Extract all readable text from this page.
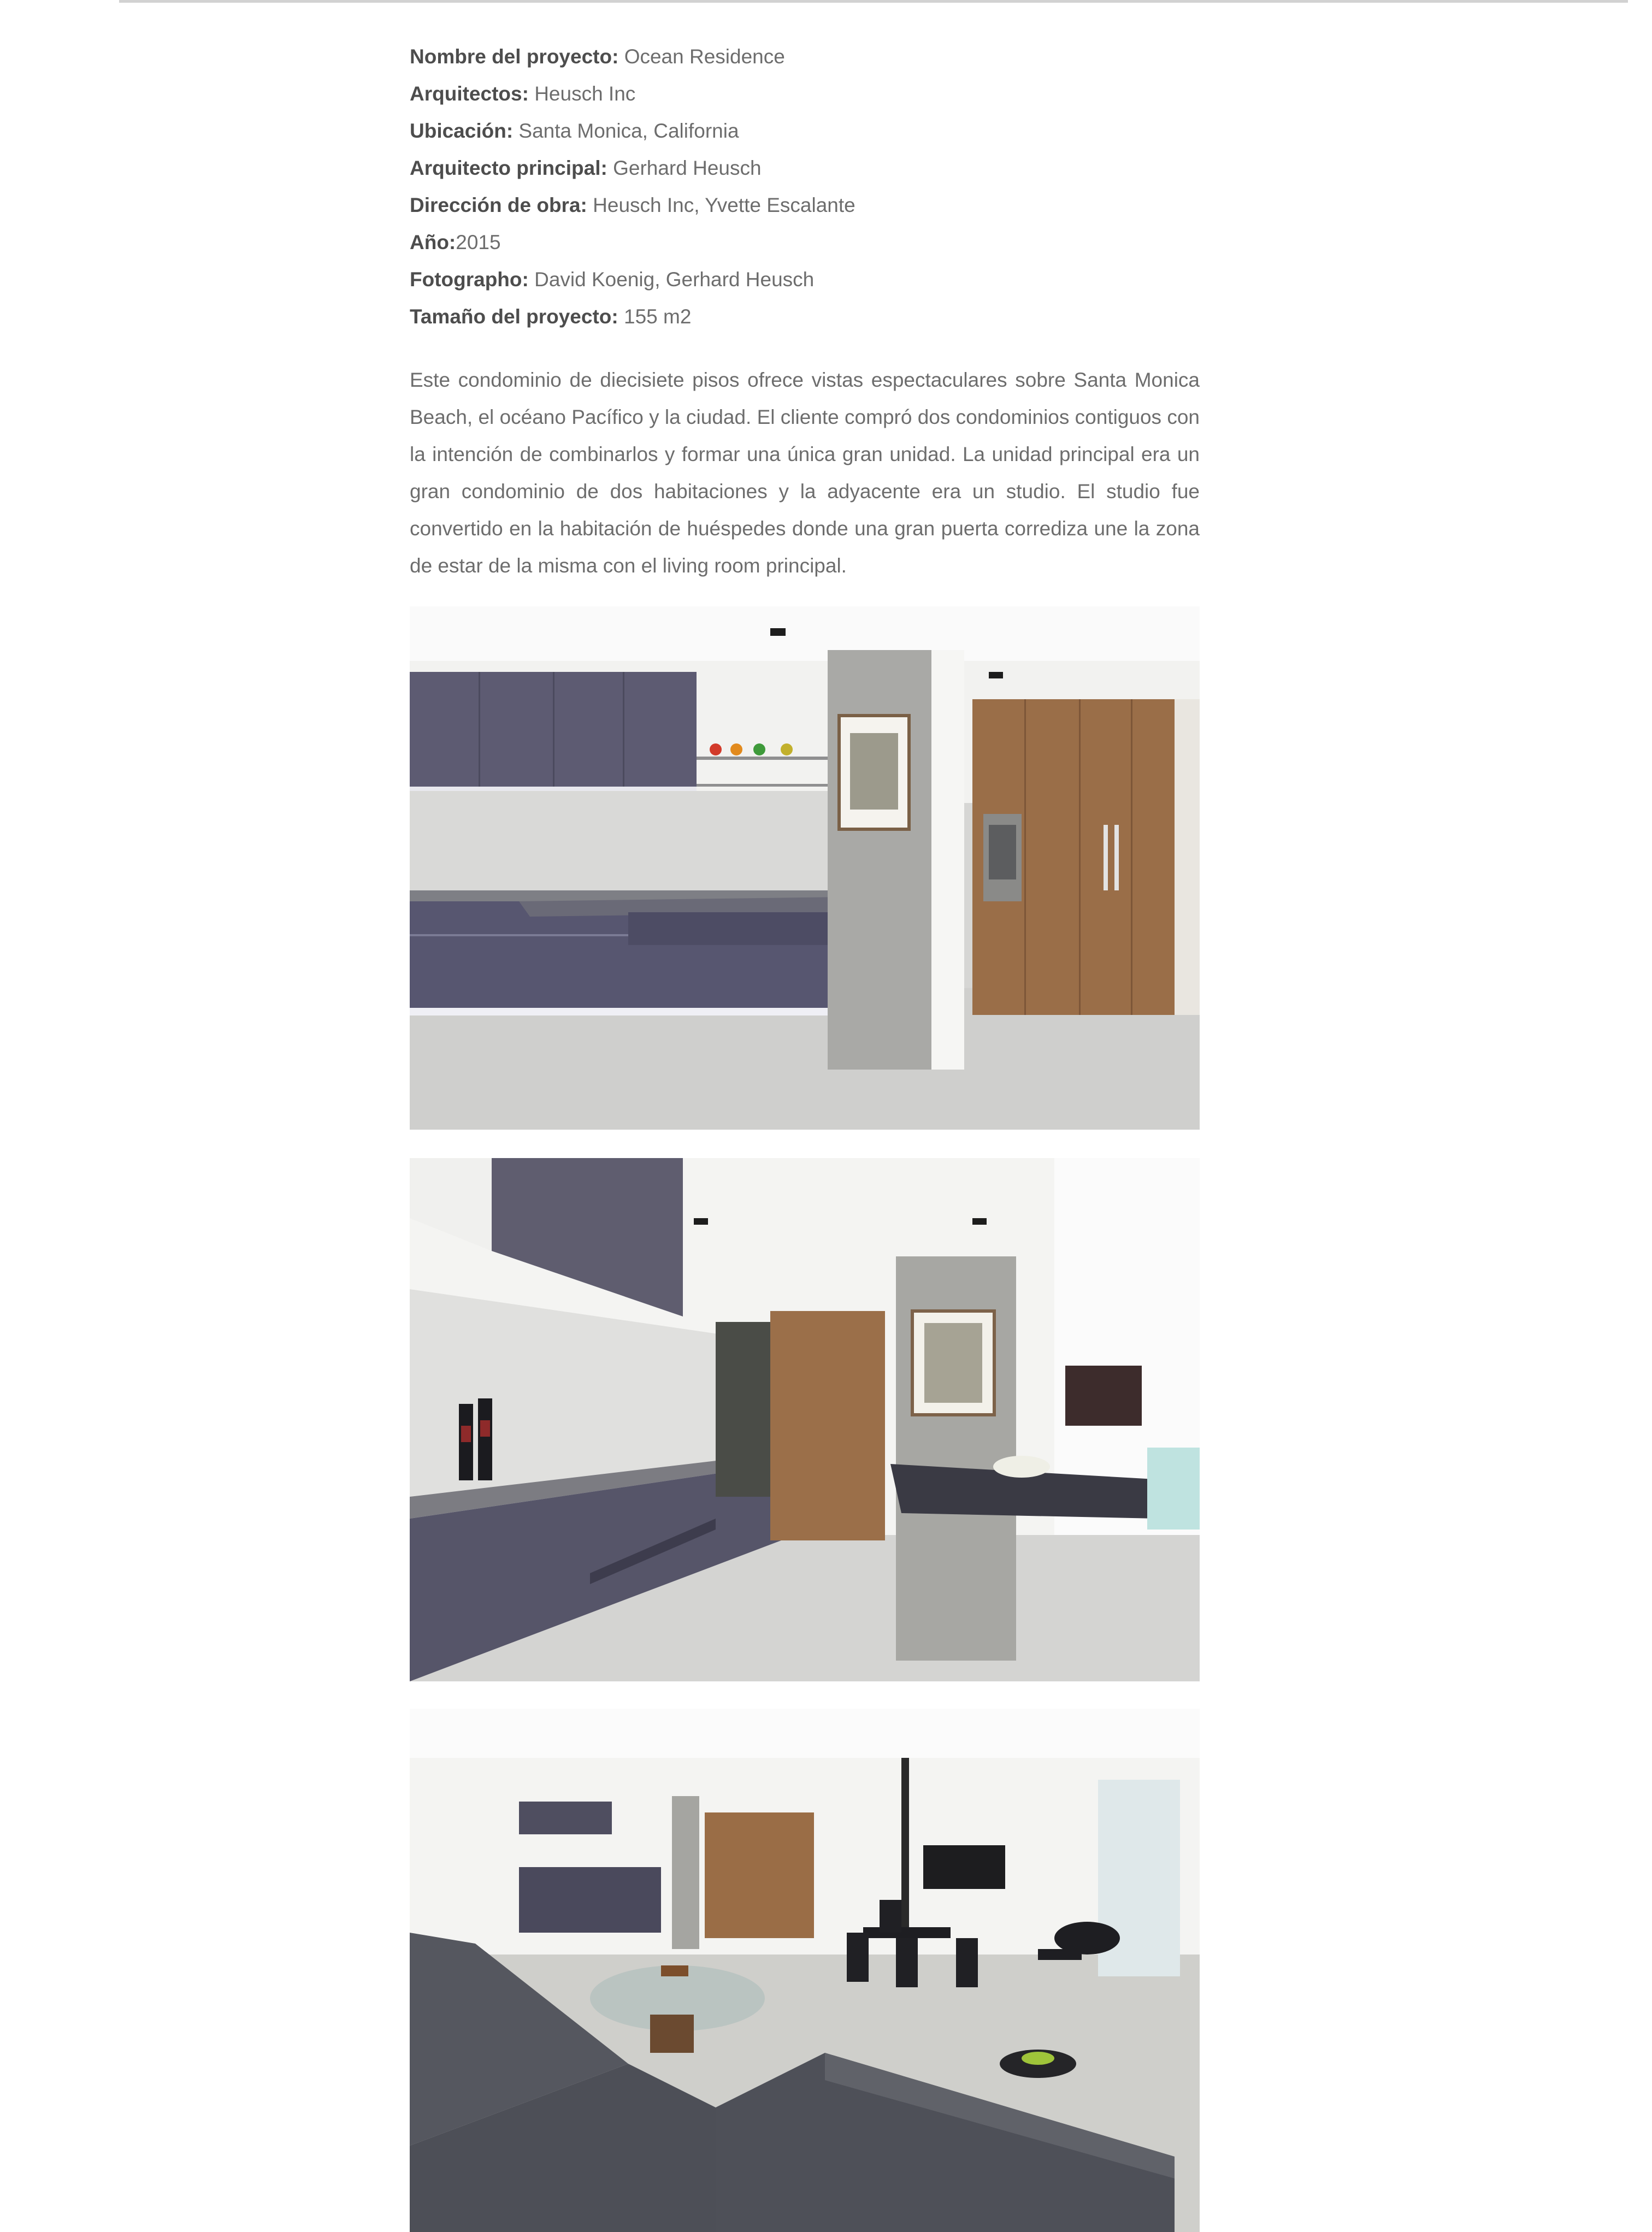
Nombre del proyecto: Ocean Residence
Arquitectos: Heusch Inc
Ubicación: Santa Monica, California
Arquitecto principal: Gerhard Heusch
Dirección de obra: Heusch Inc, Yvette Escalante
Año:2015
Fotographo: David Koenig, Gerhard Heusch
Tamaño del proyecto: 155 m2

Este condominio de diecisiete pisos ofrece vistas espectaculares sobre Santa Monica Beach, el océano Pacífico y la ciudad. El cliente compró dos condominios contiguos con la intención de combinarlos y formar una única gran unidad. La unidad principal era un gran condominio de dos habitaciones y la adyacente era un studio. El studio fue convertido en la habitación de huéspedes donde una gran puerta corrediza une la zona de estar de la misma con el living room principal.
